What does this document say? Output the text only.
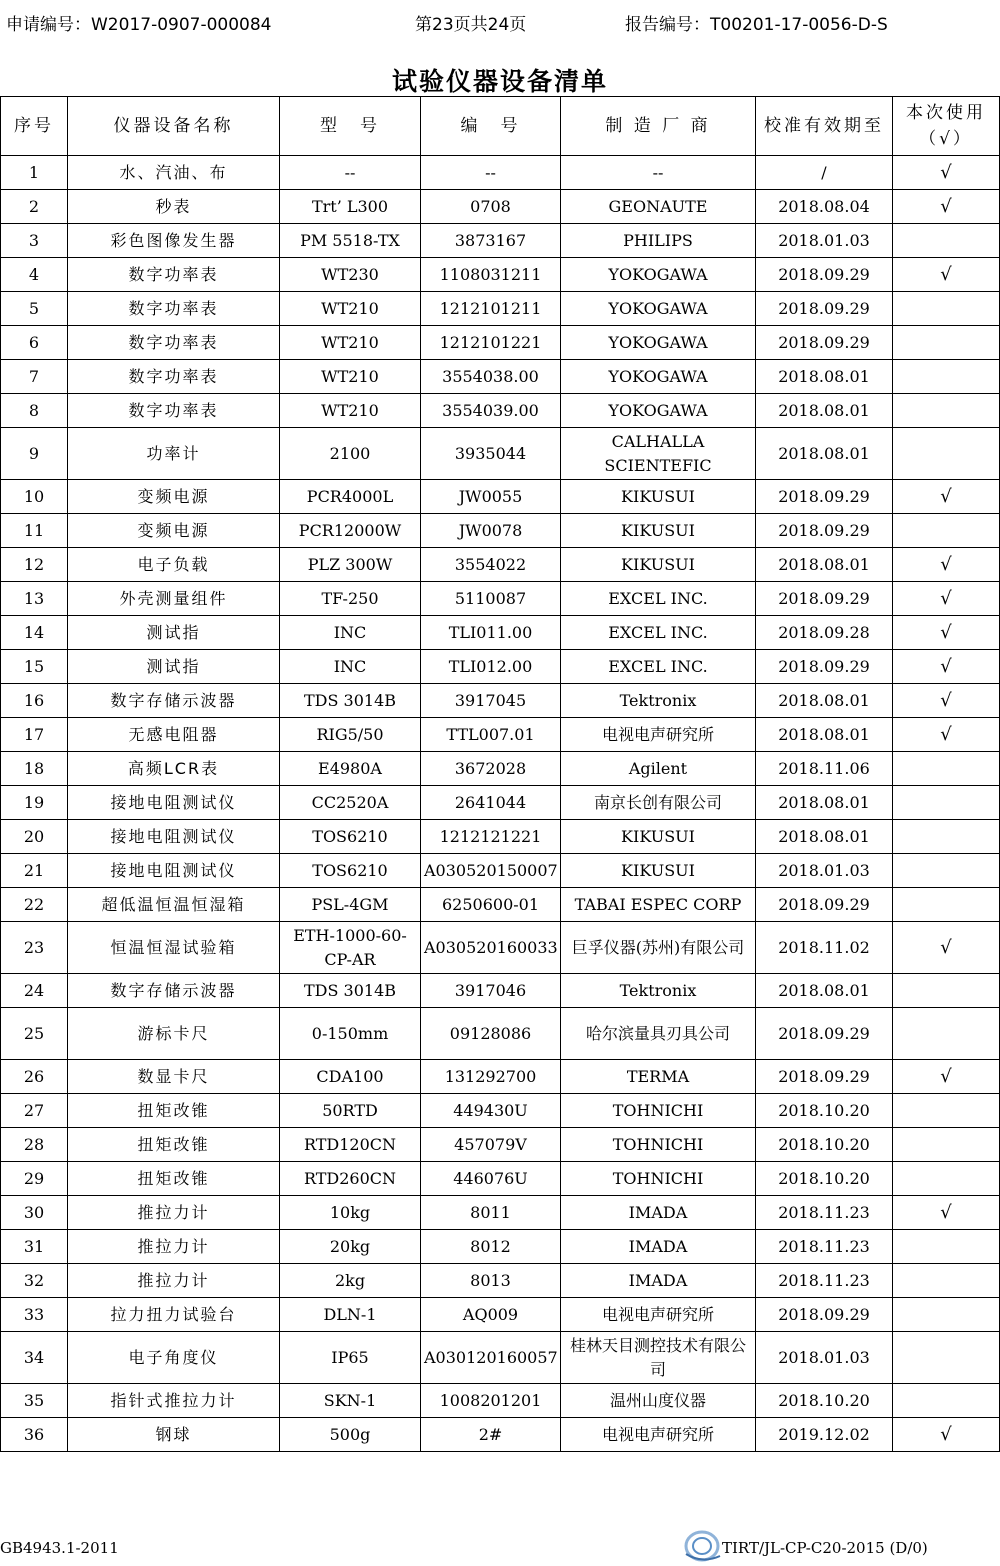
申请编号：W2017-0907-000084	第23页共24页	报告编号：T00201-17-0056-D-S
试验仪器设备清单
序号	仪器设备名称	型　号	编　号	制 造 厂 商	校准有效期至	本次使用（√）
1	水、汽油、布	--	--	--	/	√
2	秒表	Trt’ L300	0708	GEONAUTE	2018.08.04	√
3	彩色图像发生器	PM 5518-TX	3873167	PHILIPS	2018.01.03	
4	数字功率表	WT230	1108031211	YOKOGAWA	2018.09.29	√
5	数字功率表	WT210	1212101211	YOKOGAWA	2018.09.29	
6	数字功率表	WT210	1212101221	YOKOGAWA	2018.09.29	
7	数字功率表	WT210	3554038.00	YOKOGAWA	2018.08.01	
8	数字功率表	WT210	3554039.00	YOKOGAWA	2018.08.01	
9	功率计	2100	3935044	CALHALLA SCIENTEFIC	2018.08.01	
10	变频电源	PCR4000L	JW0055	KIKUSUI	2018.09.29	√
11	变频电源	PCR12000W	JW0078	KIKUSUI	2018.09.29	
12	电子负载	PLZ 300W	3554022	KIKUSUI	2018.08.01	√
13	外壳测量组件	TF-250	5110087	EXCEL INC.	2018.09.29	√
14	测试指	INC	TLI011.00	EXCEL INC.	2018.09.28	√
15	测试指	INC	TLI012.00	EXCEL INC.	2018.09.29	√
16	数字存储示波器	TDS 3014B	3917045	Tektronix	2018.08.01	√
17	无感电阻器	RIG5/50	TTL007.01	电视电声研究所	2018.08.01	√
18	高频LCR表	E4980A	3672028	Agilent	2018.11.06	
19	接地电阻测试仪	CC2520A	2641044	南京长创有限公司	2018.08.01	
20	接地电阻测试仪	TOS6210	1212121221	KIKUSUI	2018.08.01	
21	接地电阻测试仪	TOS6210	A030520150007	KIKUSUI	2018.01.03	
22	超低温恒温恒湿箱	PSL-4GM	6250600-01	TABAI ESPEC CORP	2018.09.29	
23	恒温恒湿试验箱	ETH-1000-60-CP-AR	A030520160033	巨孚仪器(苏州)有限公司	2018.11.02	√
24	数字存储示波器	TDS 3014B	3917046	Tektronix	2018.08.01	
25	游标卡尺	0-150mm	09128086	哈尔滨量具刃具公司	2018.09.29	
26	数显卡尺	CDA100	131292700	TERMA	2018.09.29	√
27	扭矩改锥	50RTD	449430U	TOHNICHI	2018.10.20	
28	扭矩改锥	RTD120CN	457079V	TOHNICHI	2018.10.20	
29	扭矩改锥	RTD260CN	446076U	TOHNICHI	2018.10.20	
30	推拉力计	10kg	8011	IMADA	2018.11.23	√
31	推拉力计	20kg	8012	IMADA	2018.11.23	
32	推拉力计	2kg	8013	IMADA	2018.11.23	
33	拉力扭力试验台	DLN-1	AQ009	电视电声研究所	2018.09.29	
34	电子角度仪	IP65	A030120160057	桂林天目测控技术有限公司	2018.01.03	
35	指针式推拉力计	SKN-1	1008201201	温州山度仪器	2018.10.20	
36	钢球	500g	2#	电视电声研究所	2019.12.02	√
GB4943.1-2011	TIRT/JL-CP-C20-2015 (D/0)
